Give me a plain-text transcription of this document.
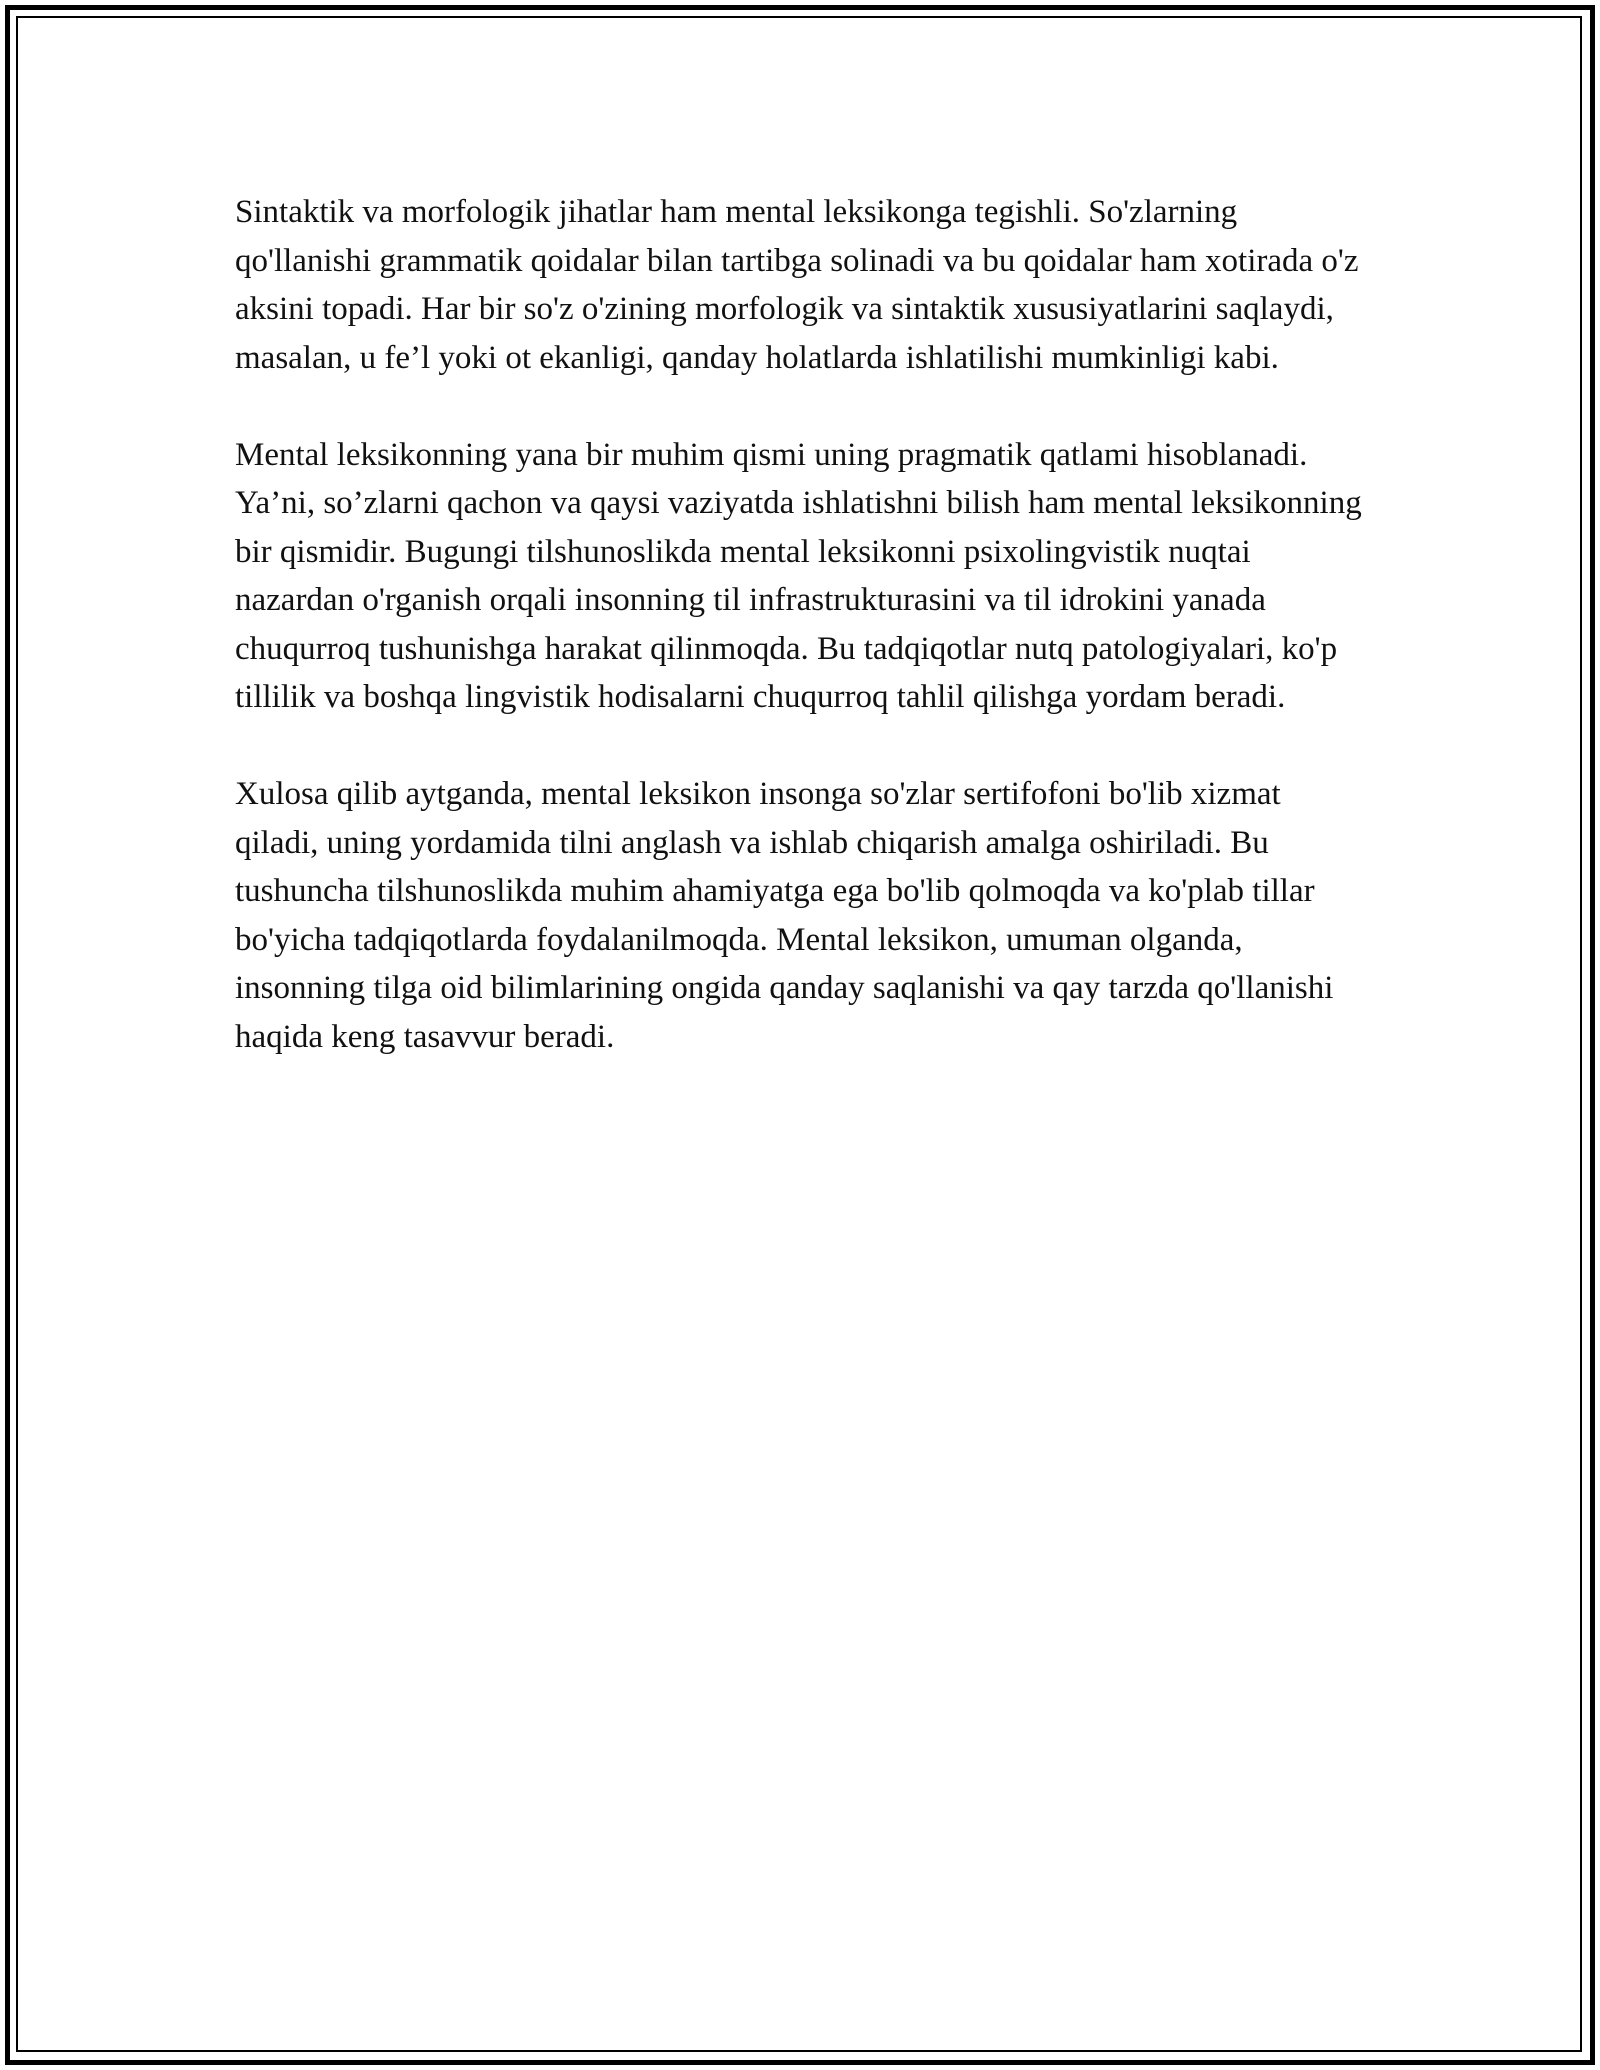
Sintaktik va morfologik jihatlar ham mental leksikonga tegishli. So'zlarning qo'llanishi grammatik qoidalar bilan tartibga solinadi va bu qoidalar ham xotirada o'z aksini topadi. Har bir so'z o'zining morfologik va sintaktik xususiyatlarini saqlaydi, masalan, u fe’l yoki ot ekanligi, qanday holatlarda ishlatilishi mumkinligi kabi.

Mental leksikonning yana bir muhim qismi uning pragmatik qatlami hisoblanadi. Ya’ni, so’zlarni qachon va qaysi vaziyatda ishlatishni bilish ham mental leksikonning bir qismidir. Bugungi tilshunoslikda mental leksikonni psixolingvistik nuqtai nazardan o'rganish orqali insonning til infrastrukturasini va til idrokini yanada chuqurroq tushunishga harakat qilinmoqda. Bu tadqiqotlar nutq patologiyalari, ko'p tillilik va boshqa lingvistik hodisalarni chuqurroq tahlil qilishga yordam beradi.

Xulosa qilib aytganda, mental leksikon insonga so'zlar sertifofoni bo'lib xizmat qiladi, uning yordamida tilni anglash va ishlab chiqarish amalga oshiriladi. Bu tushuncha tilshunoslikda muhim ahamiyatga ega bo'lib qolmoqda va ko'plab tillar bo'yicha tadqiqotlarda foydalanilmoqda. Mental leksikon, umuman olganda, insonning tilga oid bilimlarining ongida qanday saqlanishi va qay tarzda qo'llanishi haqida keng tasavvur beradi.
